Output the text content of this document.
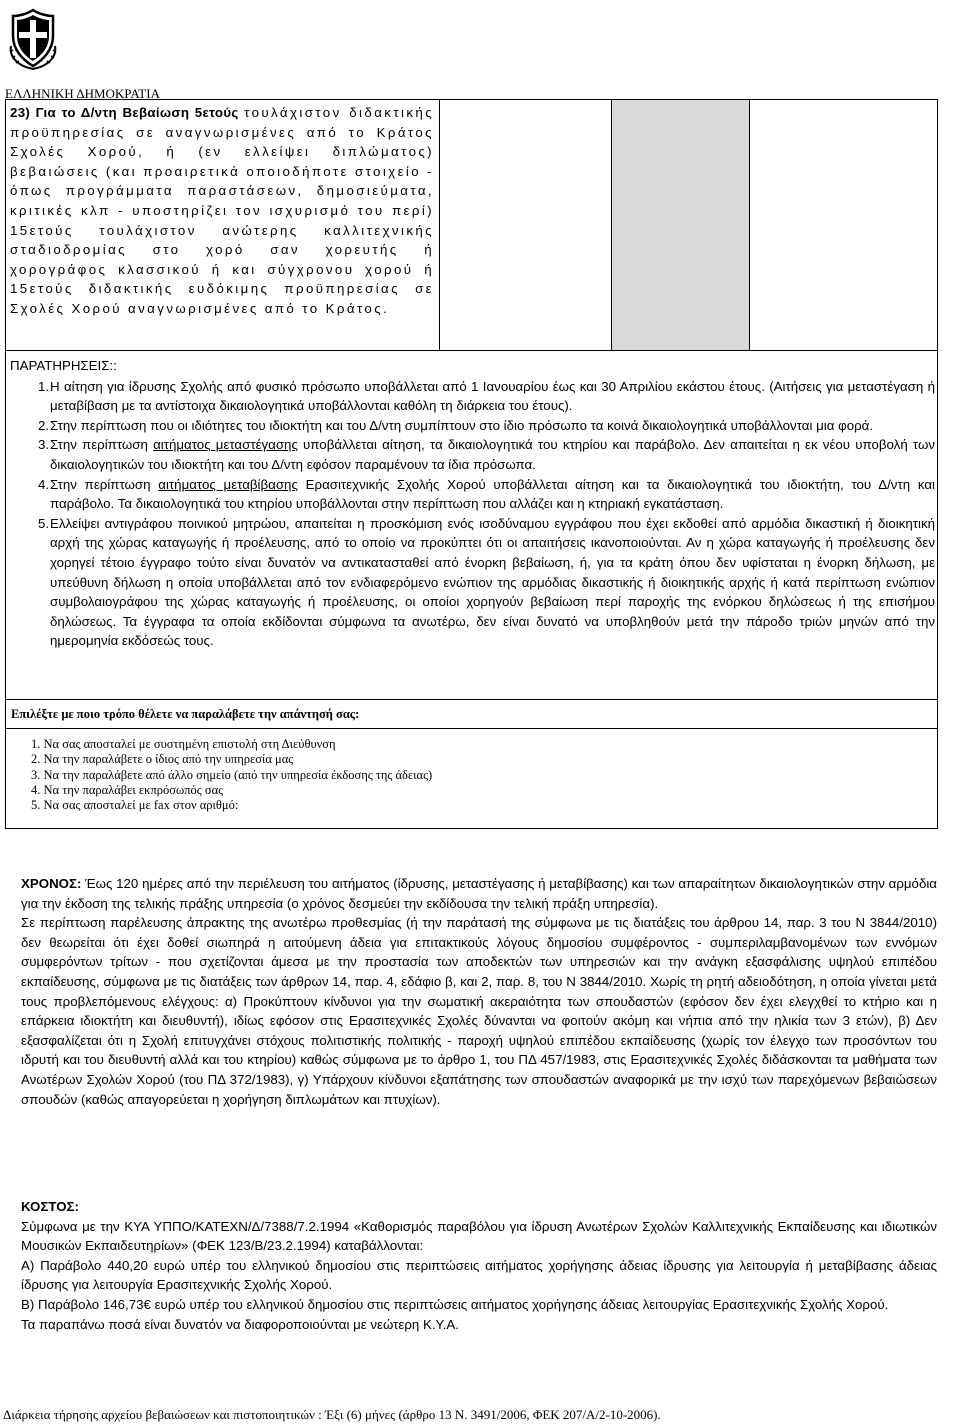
ΕΛΛΗΝΙΚΗ ΔΗΜΟΚΡΑΤΙΑ
23) Για το Δ/ντη Βεβαίωση 5ετούς τουλάχιστον διδακτικής προϋπηρεσίας σε αναγνωρισμένες από το Κράτος Σχολές Χορού, ή (εν ελλείψει διπλώματος) βεβαιώσεις (και προαιρετικά οποιοδήποτε στοιχείο - όπως προγράμματα παραστάσεων, δημοσιεύματα, κριτικές κλπ - υποστηρίζει τον ισχυρισμό του περί) 15ετούς τουλάχιστον ανώτερης καλλιτεχνικής σταδιοδρομίας στο χορό σαν χορευτής ή χορογράφος κλασσικού ή και σύγχρονου χορού ή 15ετούς διδακτικής ευδόκιμης προϋπηρεσίας σε Σχολές Χορού αναγνωρισμένες από το Κράτος.
ΠΑΡΑΤΗΡΗΣΕΙΣ::
1. Η αίτηση για ίδρυσης Σχολής από φυσικό πρόσωπο υποβάλλεται από 1 Ιανουαρίου έως και 30 Απριλίου εκάστου έτους. (Αιτήσεις για μεταστέγαση ή μεταβίβαση με τα αντίστοιχα δικαιολογητικά υποβάλλονται καθόλη τη διάρκεια του έτους).
2. Στην περίπτωση που οι ιδιότητες του ιδιοκτήτη και του Δ/ντη συμπίπτουν στο ίδιο πρόσωπο τα κοινά δικαιολογητικά υποβάλλονται μια φορά.
3. Στην περίπτωση αιτήματος μεταστέγασης υποβάλλεται αίτηση, τα δικαιολογητικά του κτηρίου και παράβολο. Δεν απαιτείται η εκ νέου υποβολή των δικαιολογητικών του ιδιοκτήτη και του Δ/ντη εφόσον παραμένουν τα ίδια πρόσωπα.
4. Στην περίπτωση αιτήματος μεταβίβασης Ερασιτεχνικής Σχολής Χορού υποβάλλεται αίτηση και τα δικαιολογητικά του ιδιοκτήτη, του Δ/ντη και παράβολο. Τα δικαιολογητικά του κτηρίου υποβάλλονται στην περίπτωση που αλλάζει και η κτηριακή εγκατάσταση.
5. Ελλείψει αντιγράφου ποινικού μητρώου, απαιτείται η προσκόμιση ενός ισοδύναμου εγγράφου που έχει εκδοθεί από αρμόδια δικαστική ή διοικητική αρχή της χώρας καταγωγής ή προέλευσης, από το οποίο να προκύπτει ότι οι απαιτήσεις ικανοποιούνται. Αν η χώρα καταγωγής ή προέλευσης δεν χορηγεί τέτοιο έγγραφο τούτο είναι δυνατόν να αντικατασταθεί από ένορκη βεβαίωση, ή, για τα κράτη όπου δεν υφίσταται η ένορκη δήλωση, με υπεύθυνη δήλωση η οποία υποβάλλεται από τον ενδιαφερόμενο ενώπιον της αρμόδιας δικαστικής ή διοικητικής αρχής ή κατά περίπτωση ενώπιον συμβολαιογράφου της χώρας καταγωγής ή προέλευσης, οι οποίοι χορηγούν βεβαίωση περί παροχής της ενόρκου δηλώσεως ή της επισήμου δηλώσεως. Τα έγγραφα τα οποία εκδίδονται σύμφωνα τα ανωτέρω, δεν είναι δυνατό να υποβληθούν μετά την πάροδο τριών μηνών από την ημερομηνία εκδόσεώς τους.
Επιλέξτε με ποιο τρόπο θέλετε να παραλάβετε την απάντησή σας:
1. Να σας αποσταλεί με συστημένη επιστολή στη Διεύθυνση
2. Να την παραλάβετε ο ίδιος από την υπηρεσία μας
3. Να την παραλάβετε από άλλο σημείο (από την υπηρεσία έκδοσης της άδειας)
4. Να την παραλάβει εκπρόσωπός σας
5. Να σας αποσταλεί με fax στον αριθμό:

ΧΡΟΝΟΣ: Έως 120 ημέρες από την περιέλευση του αιτήματος (ίδρυσης, μεταστέγασης ή μεταβίβασης) και των απαραίτητων δικαιολογητικών στην αρμόδια για την έκδοση της τελικής πράξης υπηρεσία (ο χρόνος δεσμεύει την εκδίδουσα την τελική πράξη υπηρεσία).

Σε περίπτωση παρέλευσης άπρακτης της ανωτέρω προθεσμίας (ή την παράτασή της σύμφωνα με τις διατάξεις του άρθρου 14, παρ. 3 του Ν 3844/2010) δεν θεωρείται ότι έχει δοθεί σιωπηρά η αιτούμενη άδεια για επιτακτικούς λόγους δημοσίου συμφέροντος - συμπεριλαμβανομένων των εννόμων συμφερόντων τρίτων - που σχετίζονται άμεσα με την προστασία των αποδεκτών των υπηρεσιών και την ανάγκη εξασφάλισης υψηλού επιπέδου εκπαίδευσης, σύμφωνα με τις διατάξεις των άρθρων 14, παρ. 4, εδάφιο β, και 2, παρ. 8, του Ν 3844/2010. Χωρίς τη ρητή αδειοδότηση, η οποία γίνεται μετά τους προβλεπόμενους ελέγχους: α) Προκύπτουν κίνδυνοι για την σωματική ακεραιότητα των σπουδαστών (εφόσον δεν έχει ελεγχθεί το κτήριο και η επάρκεια ιδιοκτήτη και διευθυντή), ιδίως εφόσον στις Ερασιτεχνικές Σχολές δύνανται να φοιτούν ακόμη και νήπια από την ηλικία των 3 ετών), β) Δεν εξασφαλίζεται ότι η Σχολή επιτυγχάνει στόχους πολιτιστικής πολιτικής - παροχή υψηλού επιπέδου εκπαίδευσης (χωρίς τον έλεγχο των προσόντων του ιδρυτή και του διευθυντή αλλά και του κτηρίου) καθώς σύμφωνα με το άρθρο 1, του ΠΔ 457/1983, στις Ερασιτεχνικές Σχολές διδάσκονται τα μαθήματα των Ανωτέρων Σχολών Χορού (του ΠΔ 372/1983), γ) Υπάρχουν κίνδυνοι εξαπάτησης των σπουδαστών αναφορικά με την ισχύ των παρεχόμενων βεβαιώσεων σπουδών (καθώς απαγορεύεται η χορήγηση διπλωμάτων και πτυχίων).

ΚΟΣΤΟΣ:

Σύμφωνα με την ΚΥΑ ΥΠΠΟ/ΚΑΤΕΧΝ/Δ/7388/7.2.1994 «Καθορισμός παραβόλου για ίδρυση Ανωτέρων Σχολών Καλλιτεχνικής Εκπαίδευσης και ιδιωτικών Μουσικών Εκπαιδευτηρίων» (ΦΕΚ 123/Β/23.2.1994) καταβάλλονται:

Α) Παράβολο 440,20 ευρώ υπέρ του ελληνικού δημοσίου στις περιπτώσεις αιτήματος χορήγησης άδειας ίδρυσης για λειτουργία ή μεταβίβασης άδειας ίδρυσης για λειτουργία Ερασιτεχνικής Σχολής Χορού.

Β) Παράβολο 146,73€ ευρώ υπέρ του ελληνικού δημοσίου στις περιπτώσεις αιτήματος χορήγησης άδειας λειτουργίας Ερασιτεχνικής Σχολής Χορού.

Τα παραπάνω ποσά είναι δυνατόν να διαφοροποιούνται με νεώτερη Κ.Υ.Α.

Διάρκεια τήρησης αρχείου βεβαιώσεων και πιστοποιητικών : Έξι (6) μήνες (άρθρο 13 Ν. 3491/2006, ΦΕΚ 207/Α/2-10-2006).
